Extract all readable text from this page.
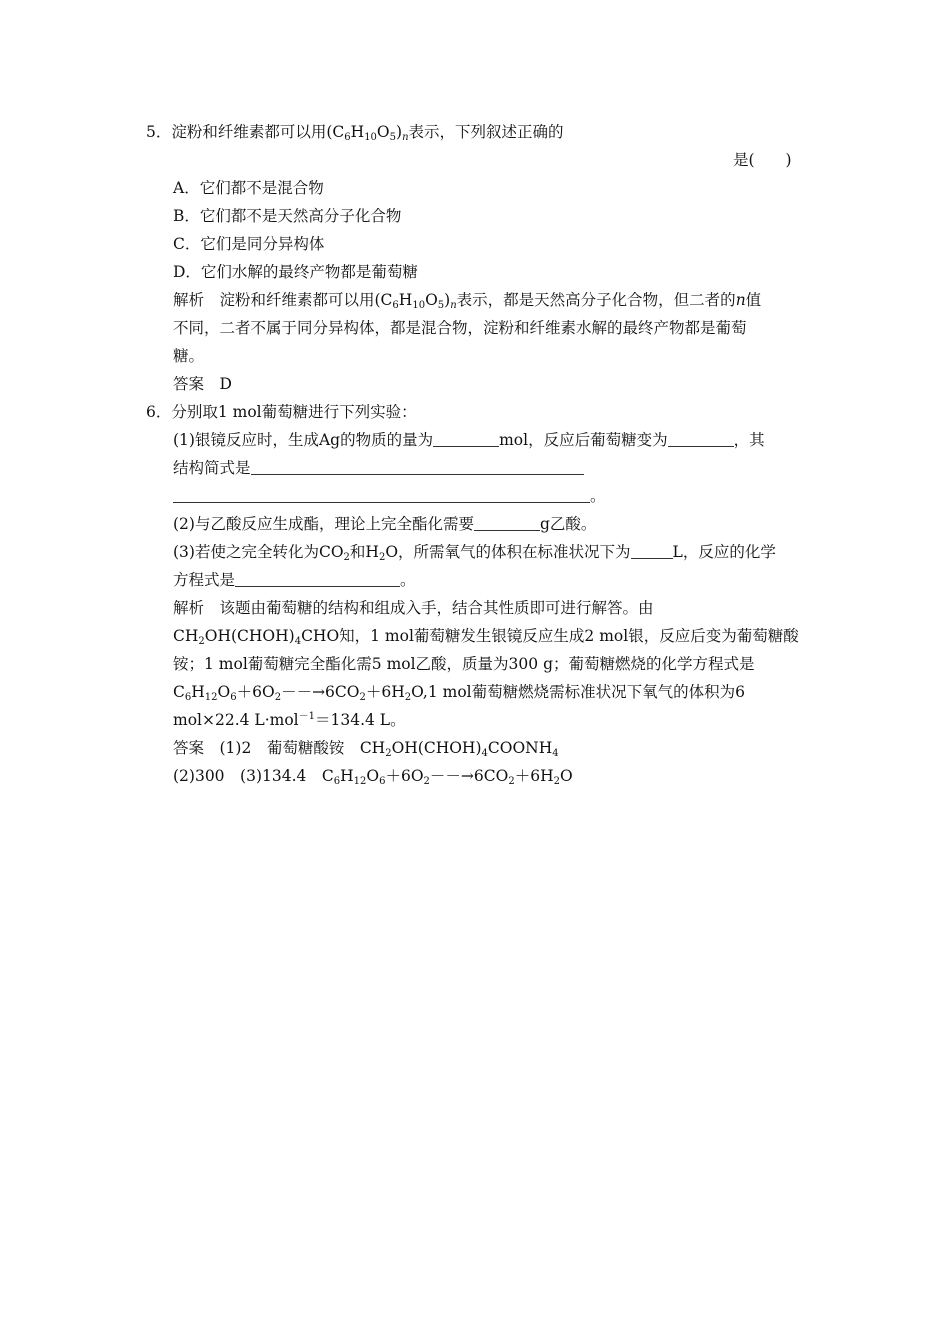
5．淀粉和纤维素都可以用$(C_6H_{10}O_5)_n$表示，下列叙述正确的
是(　　)
A．它们都不是混合物
B．它们都不是天然高分子化合物
C．它们是同分异构体
D．它们水解的最终产物都是葡萄糖
解析　淀粉和纤维素都可以用$(C_6H_{10}O_5)_n$表示，都是天然高分子化合物，但二者的n值
不同，二者不属于同分异构体，都是混合物，淀粉和纤维素水解的最终产物都是葡萄
糖。
答案　D
6．分别取1 mol葡萄糖进行下列实验：
(1)银镜反应时，生成Ag的物质的量为	mol，反应后葡萄糖变为	，其
结构简式是
。
(2)与乙酸反应生成酯，理论上完全酯化需要	g乙酸。
(3)若使之完全转化为$CO_2$和$H_2O$，所需氧气的体积在标准状况下为	L，反应的化学
方程式是	。
解析　该题由葡萄糖的结构和组成入手，结合其性质即可进行解答。由
$CH_2OH(CHOH)_4CHO$知，1 mol葡萄糖发生银镜反应生成2 mol银，反应后变为葡萄糖酸
铵；1 mol葡萄糖完全酯化需5 mol乙酸，质量为300 g；葡萄糖燃烧的化学方程式是
$C_6H_{12}O_6+6O_2--\to 6CO_2+6H_2O,1$ mol葡萄糖燃烧需标准状况下氧气的体积为6
mol×22.4 L·mol$^{-1}$＝134.4 L。
答案　(1)2　葡萄糖酸铵　$CH_2OH(CHOH)_4COONH_4$
(2)300　(3)134.4　$C_6H_{12}O_6+6O_2--\to 6CO_2+6H_2O$
